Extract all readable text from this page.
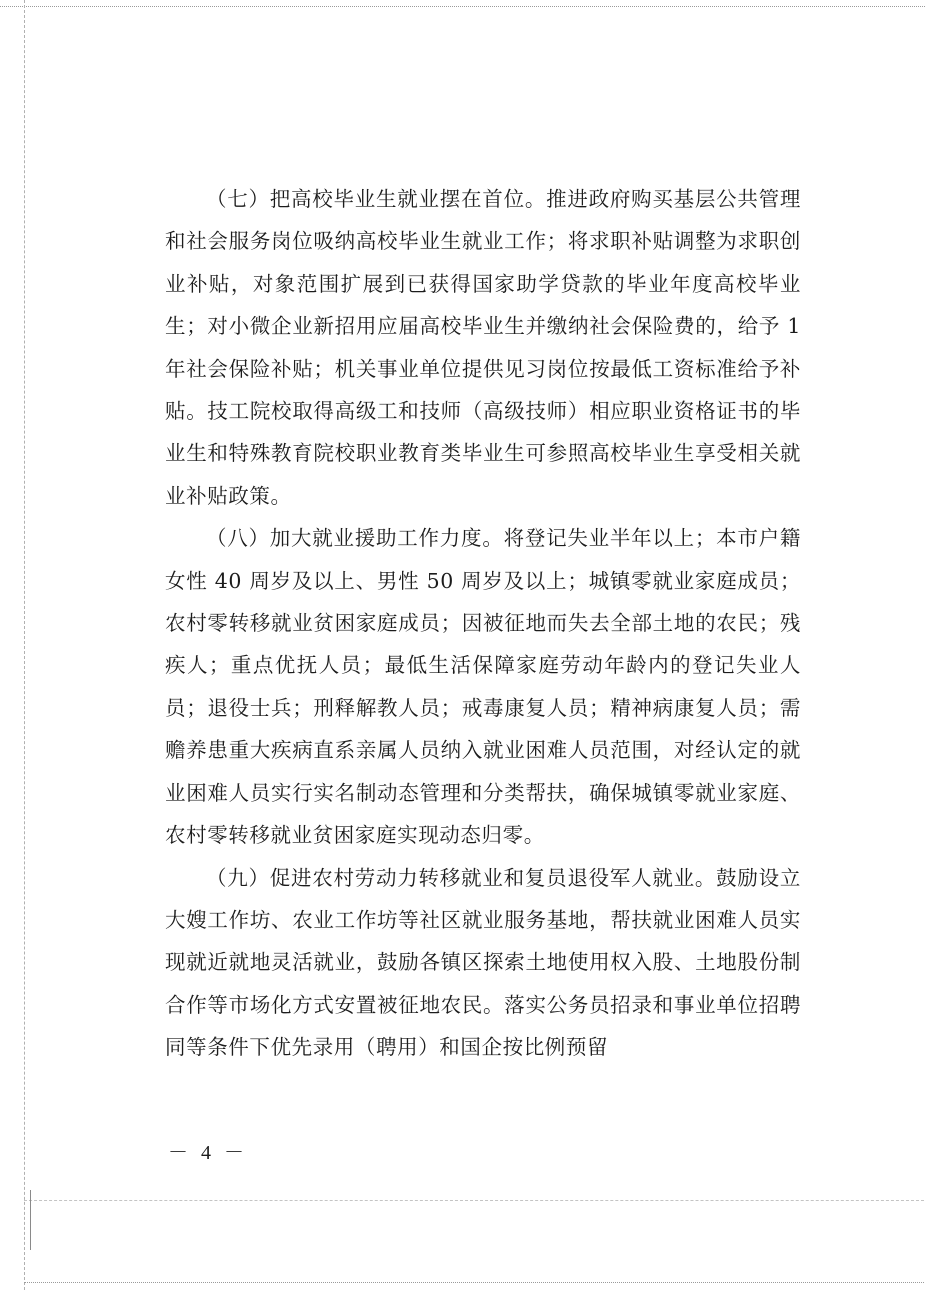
（七）把高校毕业生就业摆在首位。推进政府购买基层公共管理和社会服务岗位吸纳高校毕业生就业工作；将求职补贴调整为求职创业补贴，对象范围扩展到已获得国家助学贷款的毕业年度高校毕业生；对小微企业新招用应届高校毕业生并缴纳社会保险费的，给予 1 年社会保险补贴；机关事业单位提供见习岗位按最低工资标准给予补贴。技工院校取得高级工和技师（高级技师）相应职业资格证书的毕业生和特殊教育院校职业教育类毕业生可参照高校毕业生享受相关就业补贴政策。

（八）加大就业援助工作力度。将登记失业半年以上；本市户籍女性 40 周岁及以上、男性 50 周岁及以上；城镇零就业家庭成员；农村零转移就业贫困家庭成员；因被征地而失去全部土地的农民；残疾人；重点优抚人员；最低生活保障家庭劳动年龄内的登记失业人员；退役士兵；刑释解教人员；戒毒康复人员；精神病康复人员；需赡养患重大疾病直系亲属人员纳入就业困难人员范围，对经认定的就业困难人员实行实名制动态管理和分类帮扶，确保城镇零就业家庭、农村零转移就业贫困家庭实现动态归零。

（九）促进农村劳动力转移就业和复员退役军人就业。鼓励设立大嫂工作坊、农业工作坊等社区就业服务基地，帮扶就业困难人员实现就近就地灵活就业，鼓励各镇区探索土地使用权入股、土地股份制合作等市场化方式安置被征地农民。落实公务员招录和事业单位招聘同等条件下优先录用（聘用）和国企按比例预留

－ 4 －
